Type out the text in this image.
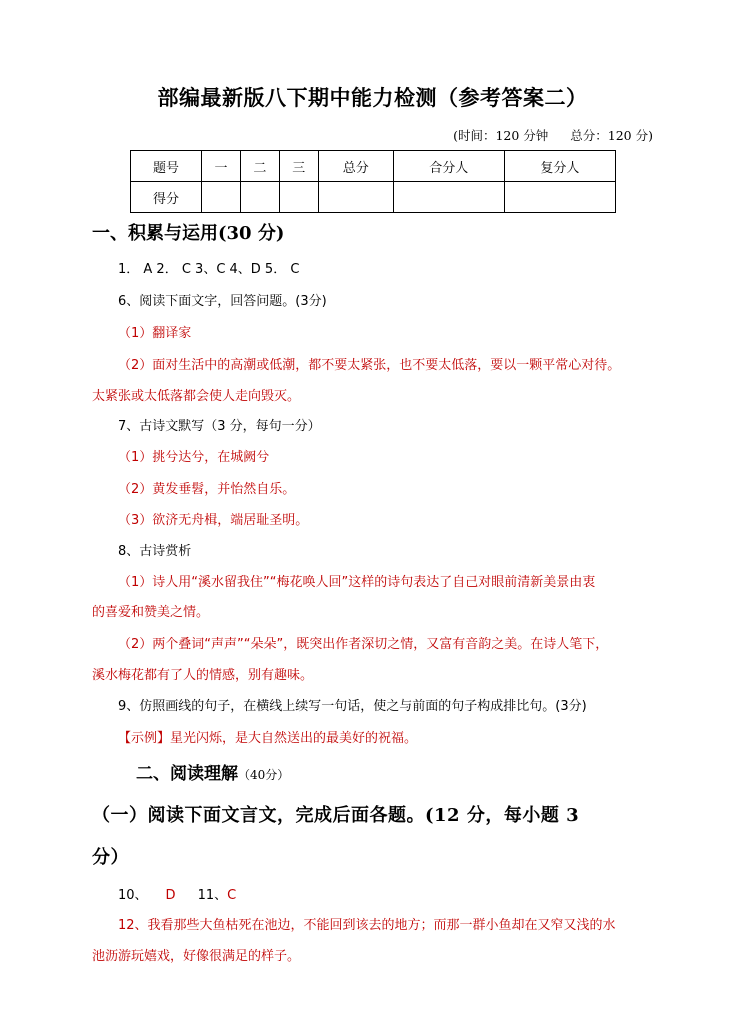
部编最新版八下期中能力检测（参考答案二）
(时间：120 分钟 总分：120 分)
题号	一	二	三	总分	合分人	复分人
得分						
一、积累与运用(30 分)
1． A 2． C 3、C 4、D 5． C
6、阅读下面文字，回答问题。(3分)
（1）翻译家
（2）面对生活中的高潮或低潮，都不要太紧张，也不要太低落，要以一颗平常心对待。
太紧张或太低落都会使人走向毁灭。
7、古诗文默写（3 分，每句一分）
（1）挑兮达兮，在城阙兮
（2）黄发垂髫，并怡然自乐。
（3）欲济无舟楫，端居耻圣明。
8、古诗赏析
（1）诗人用“溪水留我住”“梅花唤人回”这样的诗句表达了自己对眼前清新美景由衷
的喜爱和赞美之情。
（2）两个叠词“声声”“朵朵”，既突出作者深切之情，又富有音韵之美。在诗人笔下，
溪水梅花都有了人的情感，别有趣味。
9、仿照画线的句子，在横线上续写一句话，使之与前面的句子构成排比句。(3分)
【示例】星光闪烁，是大自然送出的最美好的祝福。
二、阅读理解（40分）
（一）阅读下面文言文，完成后面各题。(12 分，每小题 3
分）
10、 D 11、C
12、我看那些大鱼枯死在池边，不能回到该去的地方；而那一群小鱼却在又窄又浅的水
池沥游玩嬉戏，好像很满足的样子。
